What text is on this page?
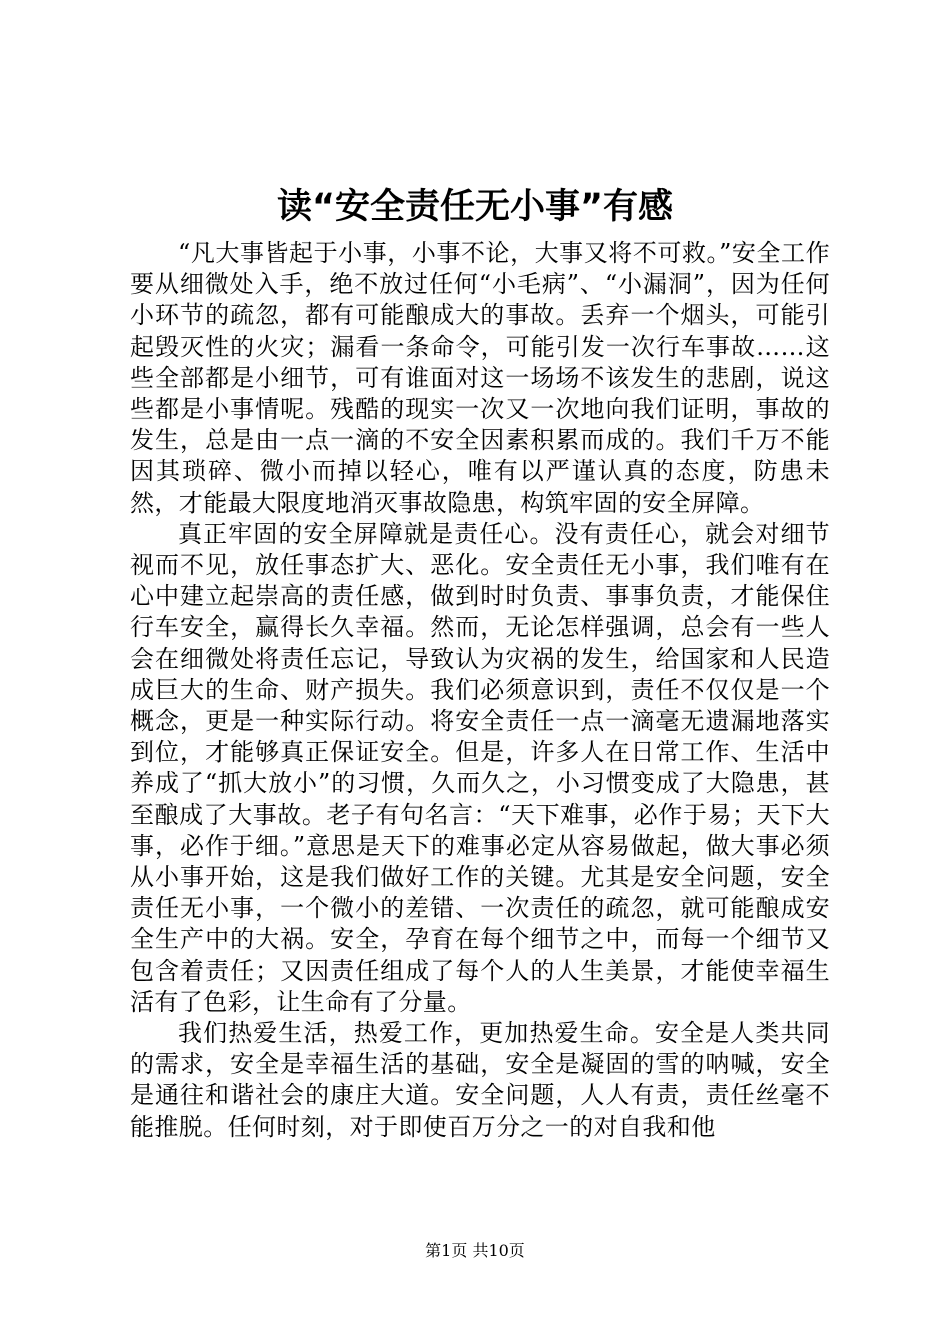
读“安全责任无小事”有感

“凡大事皆起于小事，小事不论，大事又将不可救。”安全工作要从细微处入手，绝不放过任何“小毛病”、“小漏洞”，因为任何小环节的疏忽，都有可能酿成大的事故。丢弃一个烟头，可能引起毁灭性的火灾；漏看一条命令，可能引发一次行车事故……这些全部都是小细节，可有谁面对这一场场不该发生的悲剧，说这些都是小事情呢。残酷的现实一次又一次地向我们证明，事故的发生，总是由一点一滴的不安全因素积累而成的。我们千万不能因其琐碎、微小而掉以轻心，唯有以严谨认真的态度，防患未然，才能最大限度地消灭事故隐患，构筑牢固的安全屏障。

真正牢固的安全屏障就是责任心。没有责任心，就会对细节视而不见，放任事态扩大、恶化。安全责任无小事，我们唯有在心中建立起崇高的责任感，做到时时负责、事事负责，才能保住行车安全，赢得长久幸福。然而，无论怎样强调，总会有一些人会在细微处将责任忘记，导致认为灾祸的发生，给国家和人民造成巨大的生命、财产损失。我们必须意识到，责任不仅仅是一个概念，更是一种实际行动。将安全责任一点一滴毫无遗漏地落实到位，才能够真正保证安全。但是，许多人在日常工作、生活中养成了“抓大放小”的习惯，久而久之，小习惯变成了大隐患，甚至酿成了大事故。老子有句名言：“天下难事，必作于易；天下大事，必作于细。”意思是天下的难事必定从容易做起，做大事必须从小事开始，这是我们做好工作的关键。尤其是安全问题，安全责任无小事，一个微小的差错、一次责任的疏忽，就可能酿成安全生产中的大祸。安全，孕育在每个细节之中，而每一个细节又包含着责任；又因责任组成了每个人的人生美景，才能使幸福生活有了色彩，让生命有了分量。

我们热爱生活，热爱工作，更加热爱生命。安全是人类共同的需求，安全是幸福生活的基础，安全是凝固的雪的呐喊，安全是通往和谐社会的康庄大道。安全问题，人人有责，责任丝毫不能推脱。任何时刻，对于即使百万分之一的对自我和他

第1页 共10页
